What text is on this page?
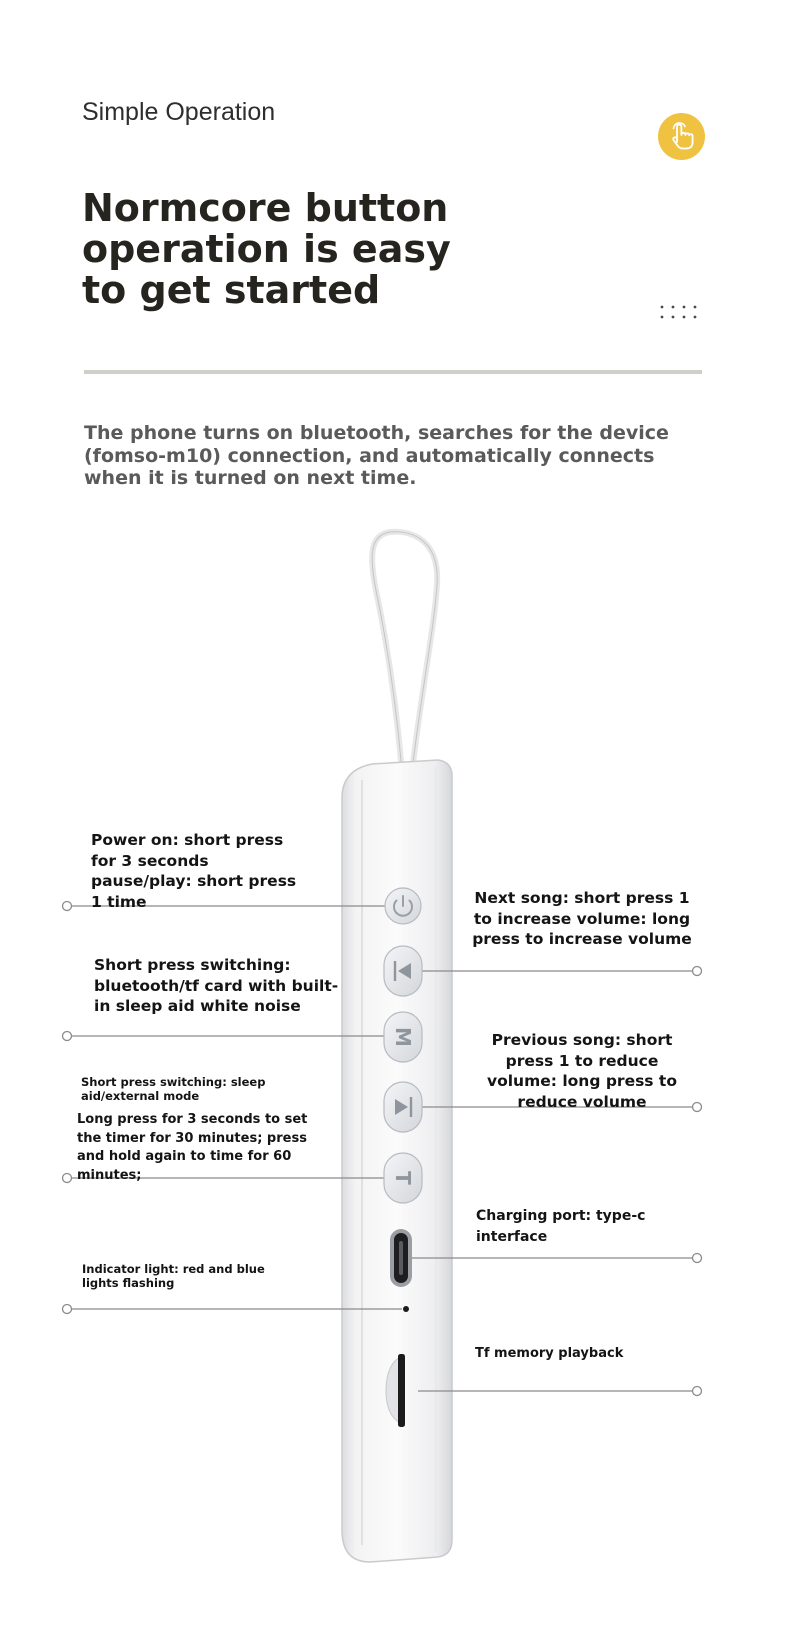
Simple Operation
Normcore button
operation is easy
to get started
The phone turns on bluetooth, searches for the device (fomso-m10) connection, and automatically connects when it is turned on next time.
M
T
Power on: short press for 3 seconds pause/play: short press 1 time	Next song: short press 1 to increase volume: long press to increase volume
Short press switching: bluetooth/tf card with built-in sleep aid white noise
Previous song: short press 1 to reduce volume: long press to reduce volume
Short press switching: sleep aid/external mode
Long press for 3 seconds to set the timer for 30 minutes; press and hold again to time for 60 minutes;
Charging port: type-c interface
Indicator light: red and blue lights flashing
Tf memory playback
